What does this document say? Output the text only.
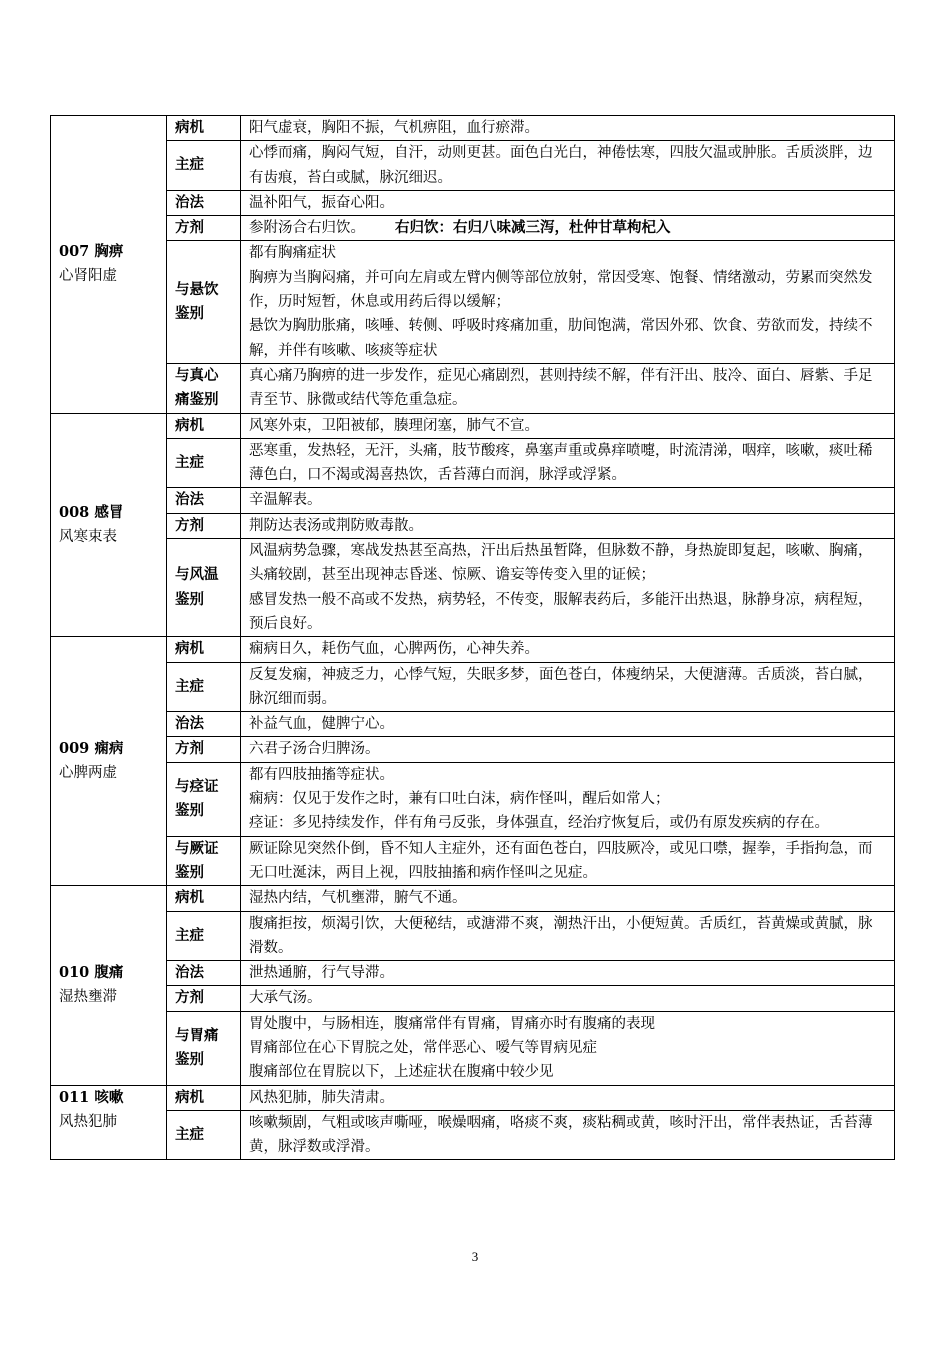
007 胸痹
心肾阳虚	病机	阳气虚衰，胸阳不振，气机痹阻，血行瘀滞。

	主症	心悸而痛，胸闷气短，自汗，动则更甚。面色白光白，神倦怯寒，四肢欠温或肿胀。舌质淡胖，边有齿痕，苔白或腻，脉沉细迟。

	治法	温补阳气，振奋心阳。

	方剂	参附汤合右归饮。 右归饮：右归八味减三泻，杜仲甘草枸杞入
	与悬饮鉴别	都有胸痛症状
胸痹为当胸闷痛，并可向左肩或左臂内侧等部位放射，常因受寒、饱餐、情绪激动，劳累而突然发作，历时短暂，休息或用药后得以缓解；
悬饮为胸肋胀痛，咳唾、转侧、呼吸时疼痛加重，肋间饱满，常因外邪、饮食、劳欲而发，持续不解，并伴有咳嗽、咳痰等症状

	与真心痛鉴别	真心痛乃胸痹的进一步发作，症见心痛剧烈，甚则持续不解，伴有汗出、肢冷、面白、唇紫、手足青至节、脉微或结代等危重急症。

008 感冒
风寒束表	病机	风寒外束，卫阳被郁，腠理闭塞，肺气不宣。

	主症	恶寒重，发热轻，无汗，头痛，肢节酸疼，鼻塞声重或鼻痒喷嚏，时流清涕，咽痒，咳嗽，痰吐稀薄色白，口不渴或渴喜热饮，舌苔薄白而润，脉浮或浮紧。

	治法	辛温解表。

	方剂	荆防达表汤或荆防败毒散。

	与风温鉴别	风温病势急骤，寒战发热甚至高热，汗出后热虽暂降，但脉数不静，身热旋即复起，咳嗽、胸痛，头痛较剧，甚至出现神志昏迷、惊厥、谵妄等传变入里的证候；
感冒发热一般不高或不发热，病势轻，不传变，服解表药后，多能汗出热退，脉静身凉，病程短，预后良好。

009 痫病
心脾两虚	病机	痫病日久，耗伤气血，心脾两伤，心神失养。

	主症	反复发痫，神疲乏力，心悸气短，失眠多梦，面色苍白，体瘦纳呆，大便溏薄。舌质淡，苔白腻，脉沉细而弱。

	治法	补益气血，健脾宁心。

	方剂	六君子汤合归脾汤。

	与痉证鉴别	都有四肢抽搐等症状。
痫病：仅见于发作之时，兼有口吐白沫，病作怪叫，醒后如常人；
痉证：多见持续发作，伴有角弓反张，身体强直，经治疗恢复后，或仍有原发疾病的存在。

	与厥证鉴别	厥证除见突然仆倒，昏不知人主症外，还有面色苍白，四肢厥冷，或见口噤，握拳，手指拘急，而无口吐涎沫，两目上视，四肢抽搐和病作怪叫之见症。

010 腹痛
湿热壅滞	病机	湿热内结，气机壅滞，腑气不通。

	主症	腹痛拒按，烦渴引饮，大便秘结，或溏滞不爽，潮热汗出，小便短黄。舌质红，苔黄燥或黄腻，脉滑数。

	治法	泄热通腑，行气导滞。

	方剂	大承气汤。

	与胃痛鉴别	胃处腹中，与肠相连，腹痛常伴有胃痛，胃痛亦时有腹痛的表现
胃痛部位在心下胃脘之处，常伴恶心、嗳气等胃病见症
腹痛部位在胃脘以下，上述症状在腹痛中较少见

011 咳嗽
风热犯肺	病机	风热犯肺，肺失清肃。

	主症	咳嗽频剧，气粗或咳声嘶哑，喉燥咽痛，咯痰不爽，痰粘稠或黄，咳时汗出，常伴表热证，舌苔薄黄，脉浮数或浮滑。
3
